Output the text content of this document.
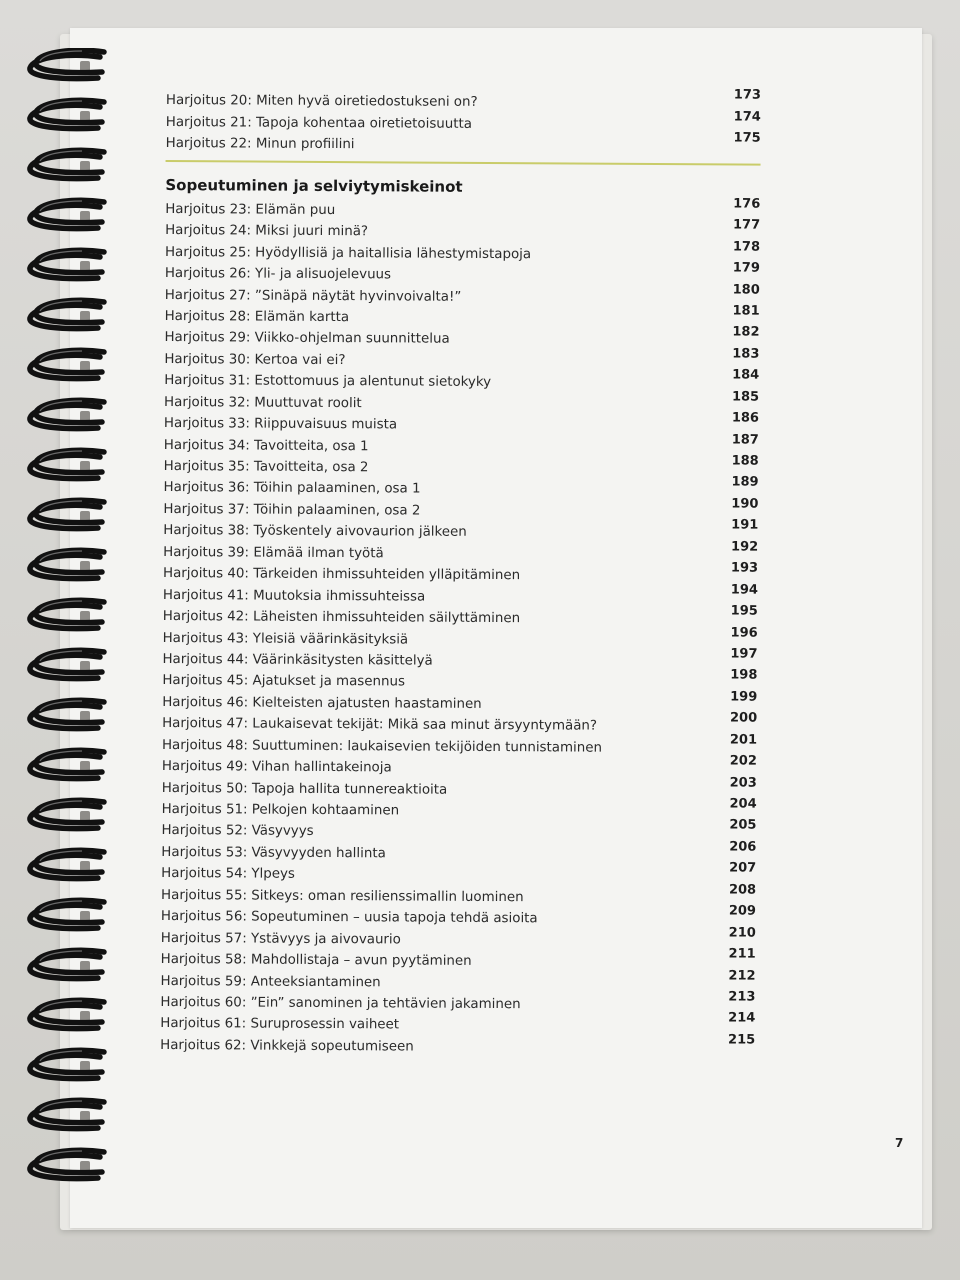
Harjoitus 20: Miten hyvä oiretiedostukseni on?	173
Harjoitus 21: Tapoja kohentaa oiretietoisuutta	174
Harjoitus 22: Minun profiilini	175
Sopeutuminen ja selviytymiskeinot
Harjoitus 23: Elämän puu	176
Harjoitus 24: Miksi juuri minä?	177
Harjoitus 25: Hyödyllisiä ja haitallisia lähestymistapoja	178
Harjoitus 26: Yli- ja alisuojelevuus	179
Harjoitus 27: ”Sinäpä näytät hyvinvoivalta!”	180
Harjoitus 28: Elämän kartta	181
Harjoitus 29: Viikko-ohjelman suunnittelua	182
Harjoitus 30: Kertoa vai ei?	183
Harjoitus 31: Estottomuus ja alentunut sietokyky	184
Harjoitus 32: Muuttuvat roolit	185
Harjoitus 33: Riippuvaisuus muista	186
Harjoitus 34: Tavoitteita, osa 1	187
Harjoitus 35: Tavoitteita, osa 2	188
Harjoitus 36: Töihin palaaminen, osa 1	189
Harjoitus 37: Töihin palaaminen, osa 2	190
Harjoitus 38: Työskentely aivovaurion jälkeen	191
Harjoitus 39: Elämää ilman työtä	192
Harjoitus 40: Tärkeiden ihmissuhteiden ylläpitäminen	193
Harjoitus 41: Muutoksia ihmissuhteissa	194
Harjoitus 42: Läheisten ihmissuhteiden säilyttäminen	195
Harjoitus 43: Yleisiä väärinkäsityksiä	196
Harjoitus 44: Väärinkäsitysten käsittelyä	197
Harjoitus 45: Ajatukset ja masennus	198
Harjoitus 46: Kielteisten ajatusten haastaminen	199
Harjoitus 47: Laukaisevat tekijät: Mikä saa minut ärsyyntymään?	200
Harjoitus 48: Suuttuminen: laukaisevien tekijöiden tunnistaminen	201
Harjoitus 49: Vihan hallintakeinoja	202
Harjoitus 50: Tapoja hallita tunnereaktioita	203
Harjoitus 51: Pelkojen kohtaaminen	204
Harjoitus 52: Väsyvyys	205
Harjoitus 53: Väsyvyyden hallinta	206
Harjoitus 54: Ylpeys	207
Harjoitus 55: Sitkeys: oman resilienssimallin luominen	208
Harjoitus 56: Sopeutuminen – uusia tapoja tehdä asioita	209
Harjoitus 57: Ystävyys ja aivovaurio	210
Harjoitus 58: Mahdollistaja – avun pyytäminen	211
Harjoitus 59: Anteeksiantaminen	212
Harjoitus 60: ”Ein” sanominen ja tehtävien jakaminen	213
Harjoitus 61: Suruprosessin vaiheet	214
Harjoitus 62: Vinkkejä sopeutumiseen	215
7
